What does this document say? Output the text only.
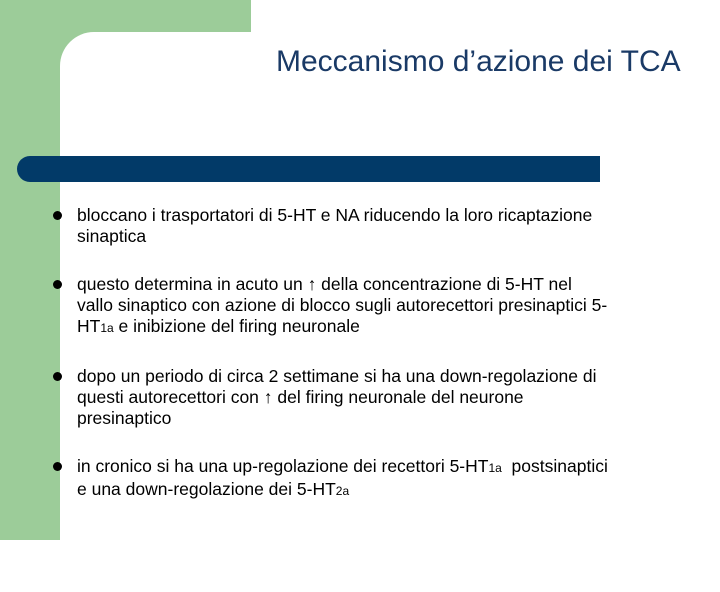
Meccanismo d’azione dei TCA
bloccano i trasportatori di 5-HT e NA riducendo la loro ricaptazione
sinaptica
questo determina in acuto un ↑ della concentrazione di 5-HT nel
vallo sinaptico con azione di blocco sugli autorecettori presinaptici 5-
HT1a e inibizione del firing neuronale
dopo un periodo di circa 2 settimane si ha una down-regolazione di
questi autorecettori con ↑ del firing neuronale del neurone
presinaptico
in cronico si ha una up-regolazione dei recettori 5-HT1a  postsinaptici
e una down-regolazione dei 5-HT2a
